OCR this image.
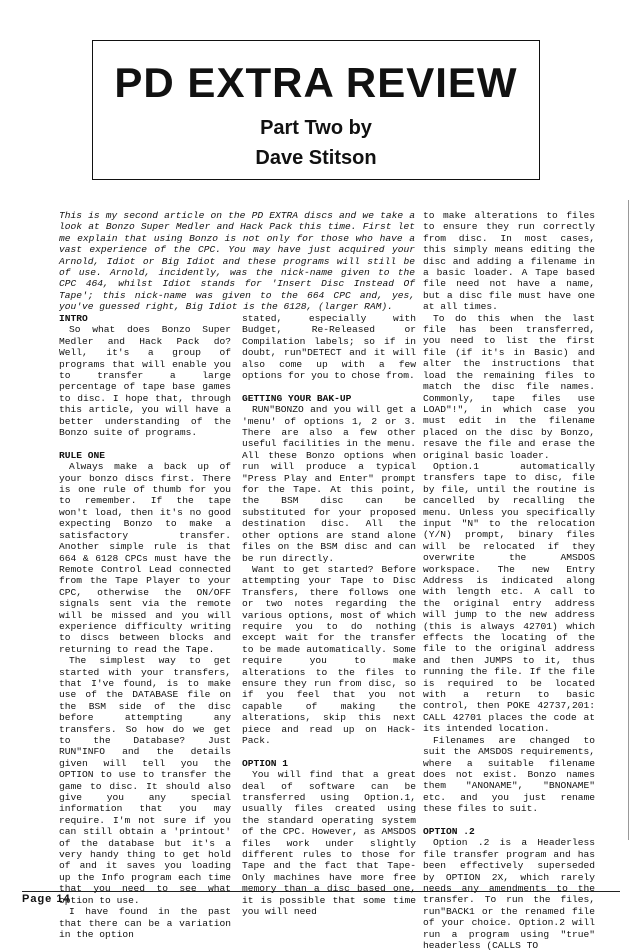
PD EXTRA REVIEW
Part Two by
Dave Stitson

This is my second article on the PD EXTRA discs and we take a look at Bonzo Super Medler and Hack Pack this time. First let me explain that using Bonzo is not only for those who have a vast experience of the CPC. You may have just acquired your Arnold, Idiot or Big Idiot and these programs will still be of use. Arnold, incidently, was the nick-name given to the CPC 464, whilst Idiot stands for 'Insert Disc Instead Of Tape'; this nick-name was given to the 664 CPC and, yes, you've guessed right, Big Idiot is the 6128, (larger RAM).

INTRO

So what does Bonzo Super Medler and Hack Pack do? Well, it's a group of programs that will enable you to transfer a large percentage of tape base games to disc. I hope that, through this article, you will have a better understanding of the Bonzo suite of programs.

RULE ONE

Always make a back up of your bonzo discs first. There is one rule of thumb for you to remember. If the tape won't load, then it's no good expecting Bonzo to make a satisfactory transfer. Another simple rule is that 664 & 6128 CPCs must have the Remote Control Lead connected from the Tape Player to your CPC, otherwise the ON/OFF signals sent via the remote will be missed and you will experience difficulty writing to discs between blocks and returning to read the Tape.

The simplest way to get started with your transfers, that I've found, is to make use of the DATABASE file on the BSM side of the disc before attempting any transfers. So how do we get to the Database? Just RUN"INFO and the details given will tell you the OPTION to use to transfer the game to disc. It should also give you any special information that you may require. I'm not sure if you can still obtain a 'printout' of the database but it's a very handy thing to get hold of and it saves you loading up the Info program each time that you need to see what option to use.

I have found in the past that there can be a variation in the option

stated, especially with Budget, Re-Released or Compilation labels; so if in doubt, run"DETECT and it will also come up with a few options for you to chose from.

GETTING YOUR BAK-UP

RUN"BONZO and you will get a 'menu' of options 1, 2 or 3. There are also a few other useful facilities in the menu. All these Bonzo options when run will produce a typical "Press Play and Enter" prompt for the Tape. At this point, the BSM disc can be substituted for your proposed destination disc. All the other options are stand alone files on the BSM disc and can be run directly.

Want to get started? Before attempting your Tape to Disc Transfers, there follows one or two notes regarding the various options, most of which require you to do nothing except wait for the transfer to be made automatically. Some require you to make alterations to the files to ensure they run from disc, so if you feel that you not capable of making the alterations, skip this next piece and read up on Hack-Pack.

OPTION 1

You will find that a great deal of software can be transferred using Option.1, usually files created using the standard operating system of the CPC. However, as AMSDOS files work under slightly different rules to those for Tape and the fact that Tape-Only machines have more free memory than a disc based one, it is possible that some time you will need

to make alterations to files to ensure they run correctly from disc. In most cases, this simply means editing the disc and adding a filename in a basic loader. A Tape based file need not have a name, but a disc file must have one at all times.

To do this when the last file has been transferred, you need to list the first file (if it's in Basic) and alter the instructions that load the remaining files to match the disc file names. Commonly, tape files use LOAD"!", in which case you must edit in the filename placed on the disc by Bonzo, resave the file and erase the original basic loader.

Option.1 automatically transfers tape to disc, file by file, until the routine is cancelled by recalling the menu. Unless you specifically input "N" to the relocation (Y/N) prompt, binary files will be relocated if they overwrite the AMSDOS workspace. The new Entry Address is indicated along with length etc. A call to the original entry address will jump to the new address (this is always 42701) which effects the locating of the file to the original address and then JUMPS to it, thus running the file. If the file is required to be located with a return to basic control, then POKE 42737,201: CALL 42701 places the code at its intended location.

Filenames are changed to suit the AMSDOS requirements, where a suitable filename does not exist. Bonzo names them "ANONAME", "BNONAME" etc. and you just rename these files to suit.

OPTION .2

Option .2 is a Headerless file transfer program and has been effectively superseded by OPTION 2X, which rarely needs any amendments to the transfer. To run the files, run"BACK1 or the renamed file of your choice. Option.2 will run a program using "true" headerless (CALLS TO

Page 14
